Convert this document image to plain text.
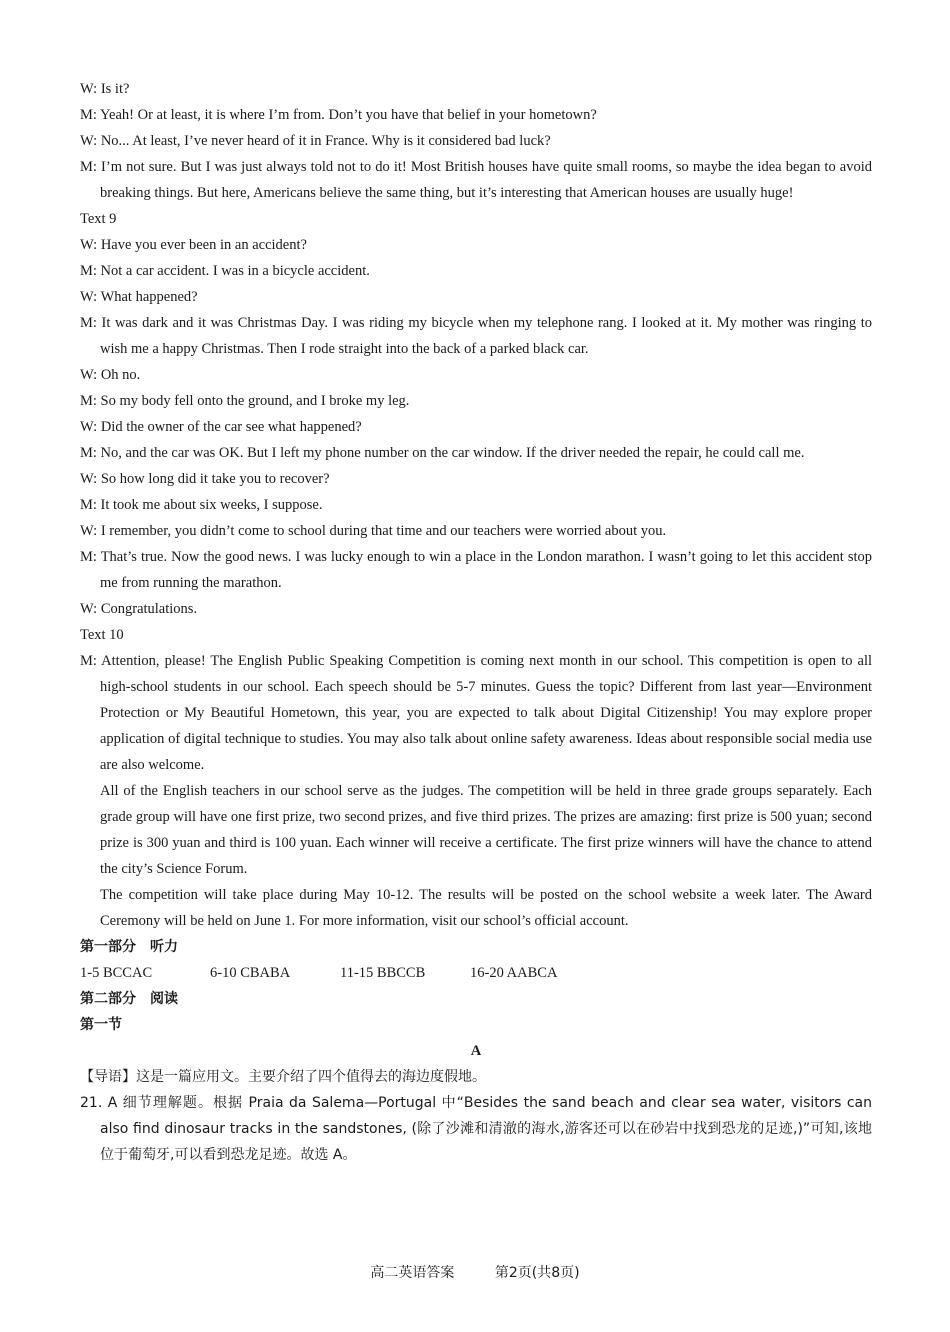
W: Is it?
M: Yeah! Or at least, it is where I’m from. Don’t you have that belief in your hometown?
W: No... At least, I’ve never heard of it in France. Why is it considered bad luck?
M: I’m not sure. But I was just always told not to do it! Most British houses have quite small rooms, so maybe the idea began to avoid breaking things. But here, Americans believe the same thing, but it’s interesting that American houses are usually huge!
Text 9
W: Have you ever been in an accident?
M: Not a car accident. I was in a bicycle accident.
W: What happened?
M: It was dark and it was Christmas Day. I was riding my bicycle when my telephone rang. I looked at it. My mother was ringing to wish me a happy Christmas. Then I rode straight into the back of a parked black car.
W: Oh no.
M: So my body fell onto the ground, and I broke my leg.
W: Did the owner of the car see what happened?
M: No, and the car was OK. But I left my phone number on the car window. If the driver needed the repair, he could call me.
W: So how long did it take you to recover?
M: It took me about six weeks, I suppose.
W: I remember, you didn’t come to school during that time and our teachers were worried about you.
M: That’s true. Now the good news. I was lucky enough to win a place in the London marathon. I wasn’t going to let this accident stop me from running the marathon.
W: Congratulations.
Text 10
M: Attention, please! The English Public Speaking Competition is coming next month in our school. This competition is open to all high-school students in our school. Each speech should be 5-7 minutes. Guess the topic? Different from last year—Environment Protection or My Beautiful Hometown, this year, you are expected to talk about Digital Citizenship! You may explore proper application of digital technique to studies. You may also talk about online safety awareness. Ideas about responsible social media use are also welcome.
All of the English teachers in our school serve as the judges. The competition will be held in three grade groups separately. Each grade group will have one first prize, two second prizes, and five third prizes. The prizes are amazing: first prize is 500 yuan; second prize is 300 yuan and third is 100 yuan. Each winner will receive a certificate. The first prize winners will have the chance to attend the city’s Science Forum.
The competition will take place during May 10-12. The results will be posted on the school website a week later. The Award Ceremony will be held on June 1. For more information, visit our school’s official account.
第一部分　听力
1-5 BCCAC	6-10 CBABA	11-15 BBCCB	16-20 AABCA
第二部分　阅读
第一节
A
【导语】这是一篇应用文。主要介绍了四个值得去的海边度假地。
21. A 细节理解题。根据 Praia da Salema—Portugal 中“Besides the sand beach and clear sea water, visitors can also find dinosaur tracks in the sandstones, (除了沙滩和清澈的海水,游客还可以在砂岩中找到恐龙的足迹,)”可知,该地位于葡萄牙,可以看到恐龙足迹。故选 A。
高二英语答案	第2页(共8页)
